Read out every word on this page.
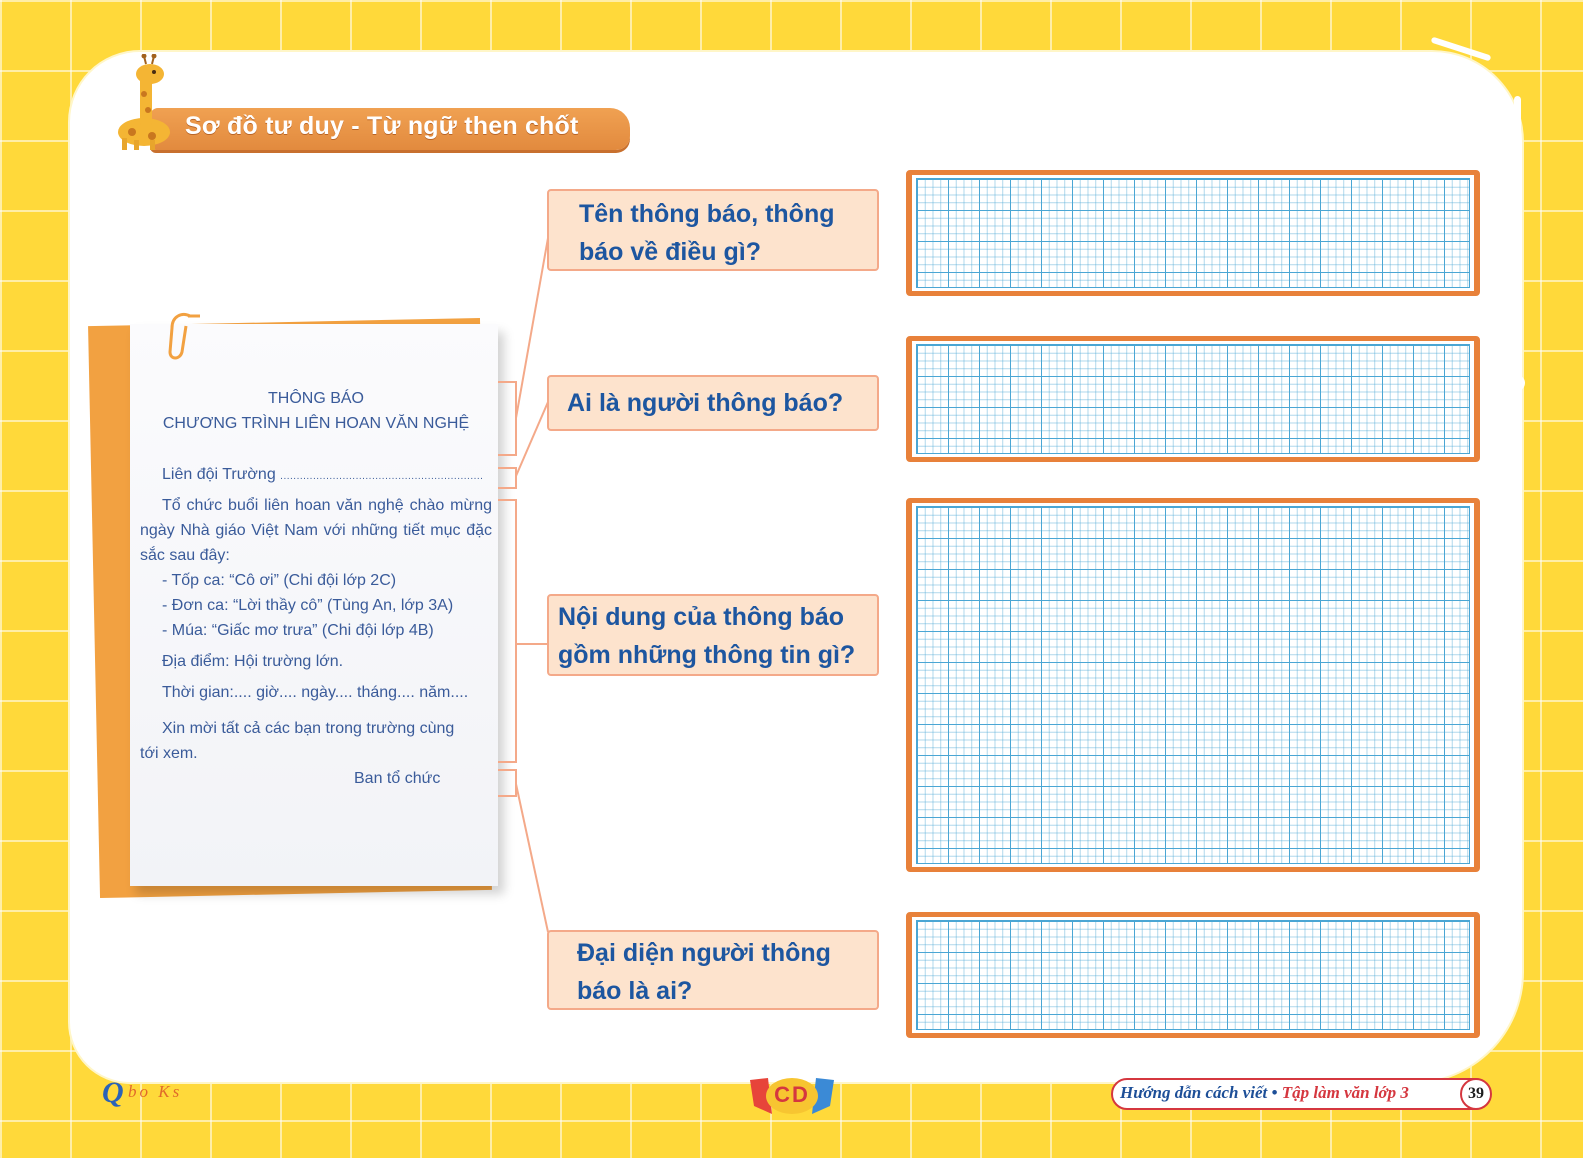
Sơ đồ tư duy - Từ ngữ then chốt
THÔNG BÁO
CHƯƠNG TRÌNH LIÊN HOAN VĂN NGHỆ
Liên đội Trường ..............................................................
Tổ chức buổi liên hoan văn nghệ chào mừng ngày Nhà giáo Việt Nam với những tiết mục đặc sắc sau đây:
- Tốp ca: “Cô ơi” (Chi đội lớp 2C)
- Đơn ca: “Lời thầy cô” (Tùng An, lớp 3A)
- Múa: “Giấc mơ trưa” (Chi đội lớp 4B)
Địa điểm: Hội trường lớn.
Thời gian:.... giờ.... ngày.... tháng.... năm....
Xin mời tất cả các bạn trong trường cùng tới xem.
Ban tổ chức
Tên thông báo, thông báo về điều gì?
Ai là người thông báo?
Nội dung của thông báo gồm những thông tin gì?
Đại diện người thông báo là ai?
Q bo Ks	CD	Hướng dẫn cách viết • Tập làm văn lớp 3	39
